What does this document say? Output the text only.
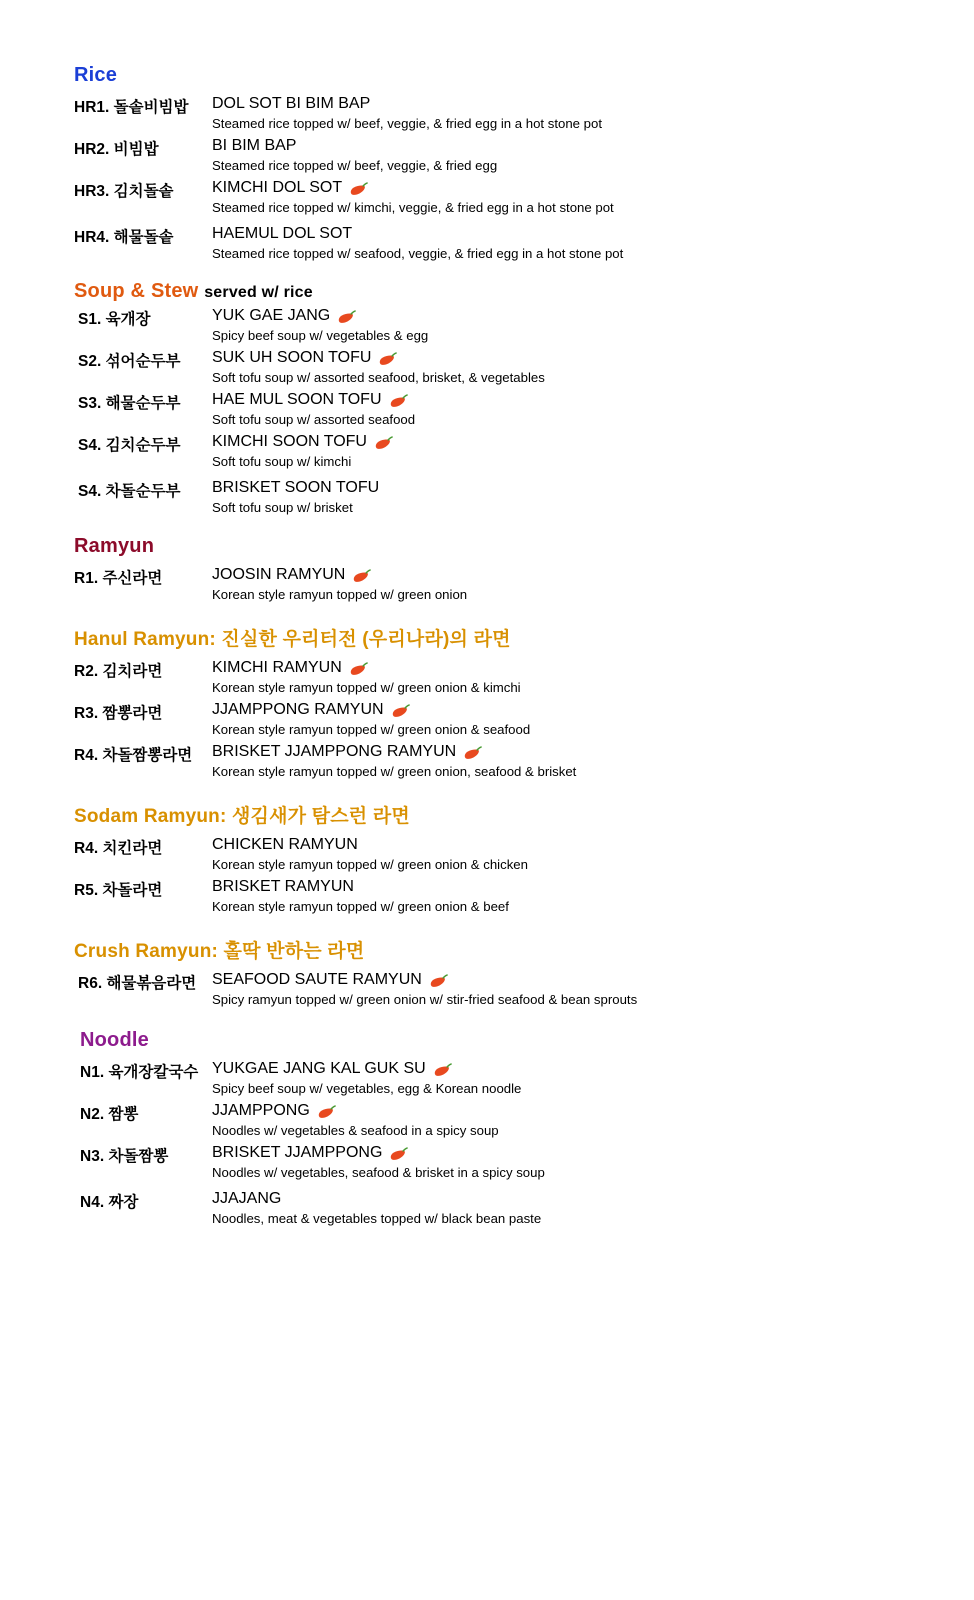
Rice
HR1. 돌솥비빔밥	DOL SOT BI BIM BAP
Steamed rice topped w/ beef, veggie, & fried egg in a hot stone pot
HR2. 비빔밥	BI BIM BAP
Steamed rice topped w/ beef, veggie, & fried egg
HR3. 김치돌솥	KIMCHI DOL SOT
Steamed rice topped w/ kimchi, veggie, & fried egg in a hot stone pot
HR4. 해물돌솥	HAEMUL DOL SOT
Steamed rice topped w/ seafood, veggie, & fried egg in a hot stone pot
Soup & Stew served w/ rice
S1. 육개장	YUK GAE JANG
Spicy beef soup w/ vegetables & egg
S2. 섞어순두부	SUK UH SOON TOFU
Soft tofu soup w/ assorted seafood, brisket, & vegetables
S3. 해물순두부	HAE MUL SOON TOFU
Soft tofu soup w/ assorted seafood
S4. 김치순두부	KIMCHI SOON TOFU
Soft tofu soup w/ kimchi
S4. 차돌순두부	BRISKET SOON TOFU
Soft tofu soup w/ brisket
Ramyun
R1. 주신라면	JOOSIN RAMYUN
Korean style ramyun topped w/ green onion
Hanul Ramyun: 진실한 우리터전 (우리나라)의 라면
R2. 김치라면	KIMCHI RAMYUN
Korean style ramyun topped w/ green onion & kimchi
R3. 짬뽕라면	JJAMPPONG RAMYUN
Korean style ramyun topped w/ green onion & seafood
R4. 차돌짬뽕라면	BRISKET JJAMPPONG RAMYUN
Korean style ramyun topped w/ green onion, seafood & brisket
Sodam Ramyun: 생김새가 탐스런 라면
R4. 치킨라면	CHICKEN RAMYUN
Korean style ramyun topped w/ green onion & chicken
R5. 차돌라면	BRISKET RAMYUN
Korean style ramyun topped w/ green onion & beef
Crush Ramyun: 홀딱 반하는 라면
R6. 해물볶음라면 SEAFOOD SAUTE RAMYUN
Spicy ramyun topped w/ green onion w/ stir-fried seafood & bean sprouts
Noodle
N1. 육개장칼국수 YUKGAE JANG KAL GUK SU
Spicy beef soup w/ vegetables, egg & Korean noodle
N2. 짬뽕	JJAMPPONG
Noodles w/ vegetables & seafood in a spicy soup
N3. 차돌짬뽕	BRISKET JJAMPPONG
Noodles w/ vegetables, seafood & brisket in a spicy soup
N4. 짜장	JJAJANG
Noodles, meat & vegetables topped w/ black bean paste
